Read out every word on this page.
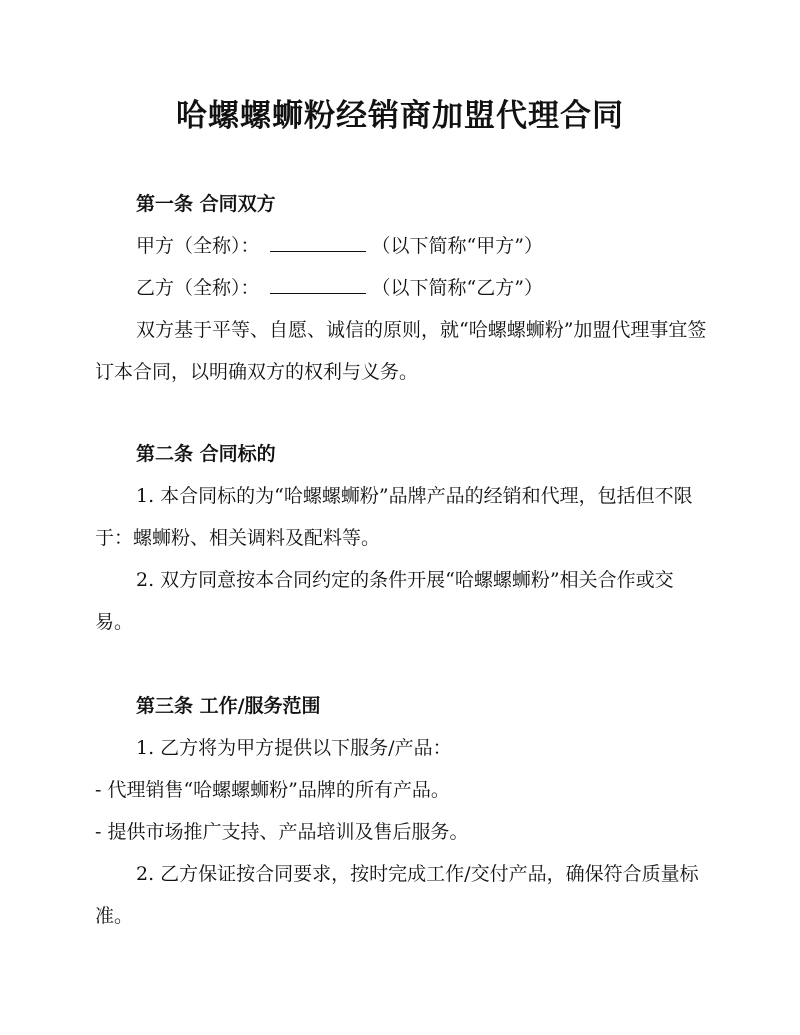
哈螺螺蛳粉经销商加盟代理合同

第一条 合同双方

甲方（全称）：	（以下简称“甲方”）

乙方（全称）：	（以下简称“乙方”）

双方基于平等、自愿、诚信的原则，就“哈螺螺蛳粉”加盟代理事宜签订本合同，以明确双方的权利与义务。

第二条 合同标的

1. 本合同标的为“哈螺螺蛳粉”品牌产品的经销和代理，包括但不限于：螺蛳粉、相关调料及配料等。

2. 双方同意按本合同约定的条件开展“哈螺螺蛳粉”相关合作或交易。

第三条 工作/服务范围

1. 乙方将为甲方提供以下服务/产品：

- 代理销售“哈螺螺蛳粉”品牌的所有产品。

- 提供市场推广支持、产品培训及售后服务。

2. 乙方保证按合同要求，按时完成工作/交付产品，确保符合质量标准。
